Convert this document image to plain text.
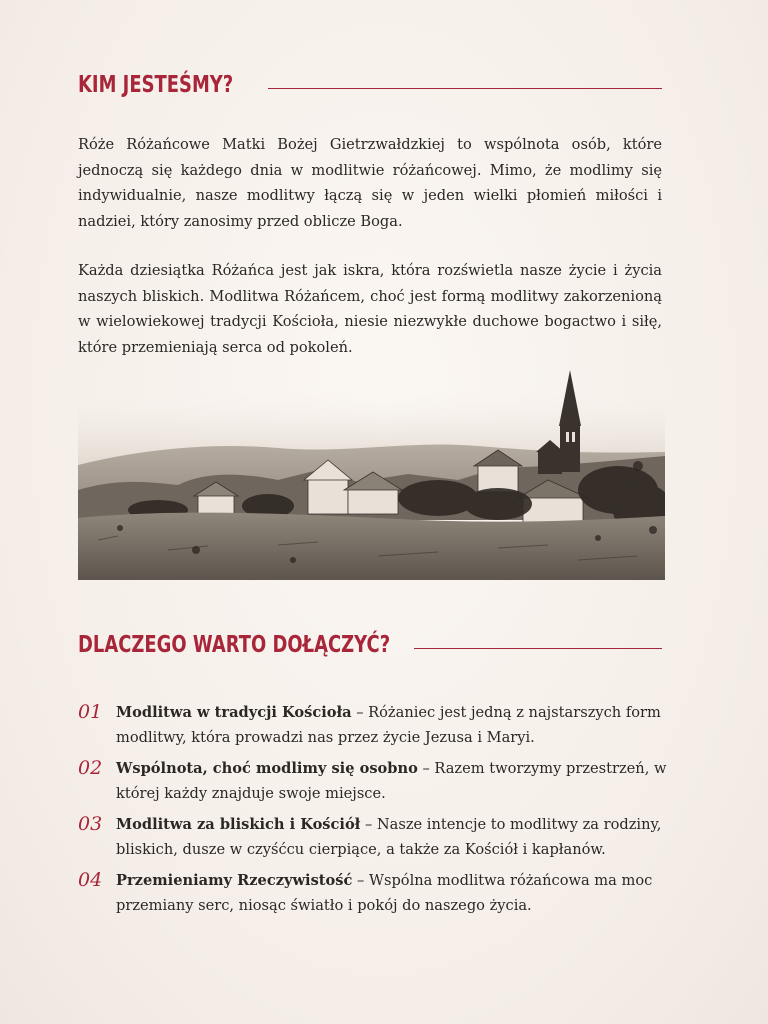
KIM JESTEŚMY?

Róże Różańcowe Matki Bożej Gietrzwałdzkiej to wspólnota osób, które jednoczą się każdego dnia w modlitwie różańcowej. Mimo, że modlimy się indywidualnie, nasze modlitwy łączą się w jeden wielki płomień miłości i nadziei, który zanosimy przed oblicze Boga.

Każda dziesiątka Różańca jest jak iskra, która rozświetla nasze życie i życia naszych bliskich. Modlitwa Różańcem, choć jest formą modlitwy zakorzenioną w wielowiekowej tradycji Kościoła, niesie niezwykłe duchowe bogactwo i siłę, które przemieniają serca od pokoleń.

DLACZEGO WARTO DOŁĄCZYĆ?
01 Modlitwa w tradycji Kościoła – Różaniec jest jedną z najstarszych form modlitwy, która prowadzi nas przez życie Jezusa i Maryi.
02 Wspólnota, choć modlimy się osobno – Razem tworzymy przestrzeń, w której każdy znajduje swoje miejsce.
03 Modlitwa za bliskich i Kościół – Nasze intencje to modlitwy za rodziny, bliskich, dusze w czyśćcu cierpiące, a także za Kościół i kapłanów.
04 Przemieniamy Rzeczywistość – Wspólna modlitwa różańcowa ma moc przemiany serc, niosąc światło i pokój do naszego życia.
